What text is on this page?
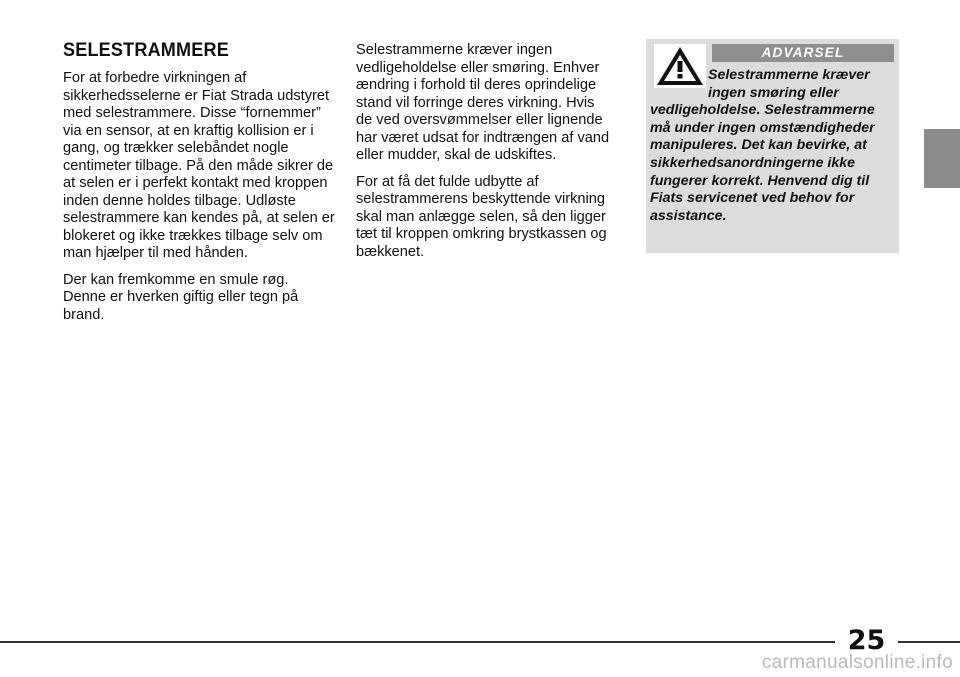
SELESTRAMMERE

For at forbedre virkningen af sikkerhedsselerne er Fiat Strada udstyret med selestrammere. Disse “fornemmer” via en sensor, at en kraftig kollision er i gang, og trækker selebåndet nogle centimeter tilbage. På den måde sikrer de at selen er i perfekt kontakt med kroppen inden denne holdes tilbage. Udløste selestrammere kan kendes på, at selen er blokeret og ikke trækkes tilbage selv om man hjælper til med hånden.

Der kan fremkomme en smule røg. Denne er hverken giftig eller tegn på brand.

Selestrammerne kræver ingen vedligeholdelse eller smøring. Enhver ændring i forhold til deres oprindelige stand vil forringe deres virkning. Hvis de ved oversvømmelser eller lignende har været udsat for indtrængen af vand eller mudder, skal de udskiftes.

For at få det fulde udbytte af selestrammerens beskyttende virkning skal man anlægge selen, så den ligger tæt til kroppen omkring brystkassen og bækkenet.

ADVARSEL
Selestrammerne kræver ingen smøring eller vedligeholdelse. Selestrammerne må under ingen omstændigheder manipuleres. Det kan bevirke, at sikkerhedsanordningerne ikke fungerer korrekt. Henvend dig til Fiats servicenet ved behov for assistance.
25
carmanualsonline.info
